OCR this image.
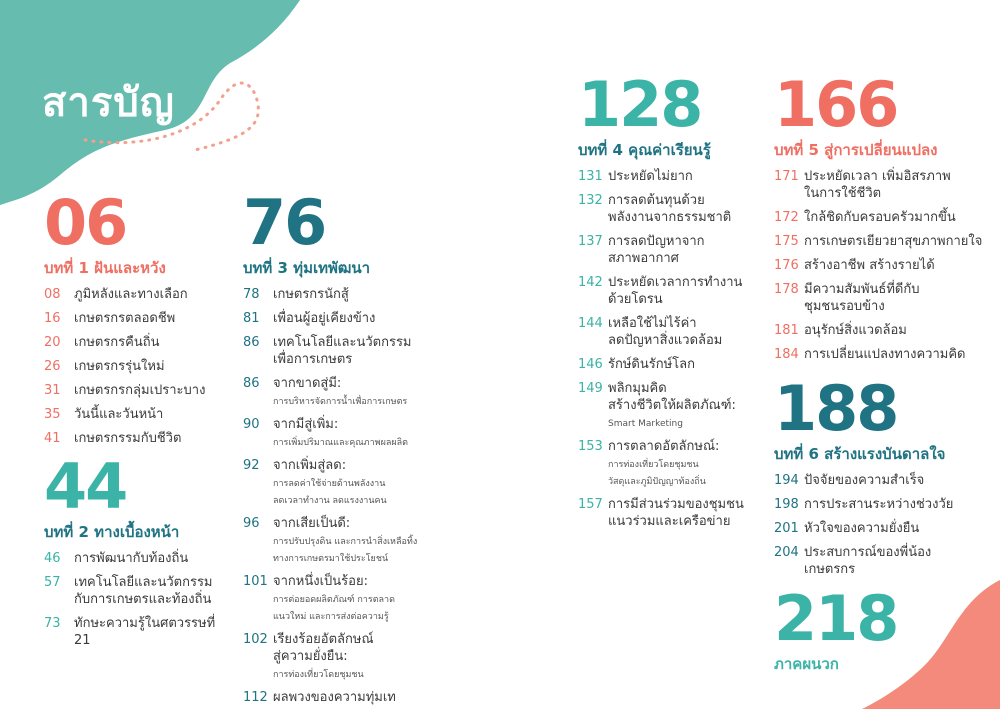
สารบัญ
06
บทที่ 1 ฝันและหวัง
08	ภูมิหลังและทางเลือก
16	เกษตรกรตลอดชีพ
20	เกษตรกรคืนถิ่น
26	เกษตรกรรุ่นใหม่
31	เกษตรกรกลุ่มเปราะบาง
35	วันนี้และวันหน้า
41	เกษตรกรรมกับชีวิต
44
บทที่ 2 ทางเบื้องหน้า
46	การพัฒนากับท้องถิ่น
57	เทคโนโลยีและนวัตกรรม
กับการเกษตรและท้องถิ่น
73	ทักษะความรู้ในศตวรรษที่ 21
76
บทที่ 3 ทุ่มเทพัฒนา
78	เกษตรกรนักสู้
81	เพื่อนผู้อยู่เคียงข้าง
86	เทคโนโลยีและนวัตกรรม
เพื่อการเกษตร
86	จากขาดสู่มี:
การบริหารจัดการน้ำเพื่อการเกษตร
90	จากมีสู่เพิ่ม:
การเพิ่มปริมาณและคุณภาพผลผลิต
92	จากเพิ่มสู่ลด:
การลดค่าใช้จ่ายด้านพลังงาน
ลดเวลาทำงาน ลดแรงงานคน
96	จากเสียเป็นดี:
การปรับปรุงดิน และการนำสิ่งเหลือทิ้ง
ทางการเกษตรมาใช้ประโยชน์
101 จากหนึ่งเป็นร้อย:
การต่อยอดผลิตภัณฑ์ การตลาด
แนวใหม่ และการส่งต่อความรู้
102 เรียงร้อยอัตลักษณ์
สู่ความยั่งยืน:
การท่องเที่ยวโดยชุมชน
112 ผลพวงของความทุ่มเท
128
บทที่ 4 คุณค่าเรียนรู้
131 ประหยัดไม่ยาก
132 การลดต้นทุนด้วย
พลังงานจากธรรมชาติ
137 การลดปัญหาจาก
สภาพอากาศ
142 ประหยัดเวลาการทำงาน
ด้วยโดรน
144 เหลือใช้ไม่ไร้ค่า
ลดปัญหาสิ่งแวดล้อม
146 รักษ์ดินรักษ์โลก
149 พลิกมุมคิด
สร้างชีวิตให้ผลิตภัณฑ์:
Smart Marketing
153 การตลาดอัตลักษณ์:
การท่องเที่ยวโดยชุมชน
วัสดุและภูมิปัญญาท้องถิ่น
157 การมีส่วนร่วมของชุมชน
แนวร่วมและเครือข่าย
166
บทที่ 5 สู่การเปลี่ยนแปลง
171 ประหยัดเวลา เพิ่มอิสรภาพ
ในการใช้ชีวิต
172 ใกล้ชิดกับครอบครัวมากขึ้น
175 การเกษตรเยียวยาสุขภาพกายใจ
176 สร้างอาชีพ สร้างรายได้
178 มีความสัมพันธ์ที่ดีกับ
ชุมชนรอบข้าง
181 อนุรักษ์สิ่งแวดล้อม
184 การเปลี่ยนแปลงทางความคิด
188
บทที่ 6 สร้างแรงบันดาลใจ
194 ปัจจัยของความสำเร็จ
198 การประสานระหว่างช่วงวัย
201 หัวใจของความยั่งยืน
204 ประสบการณ์ของพี่น้อง
เกษตรกร
218
ภาคผนวก
